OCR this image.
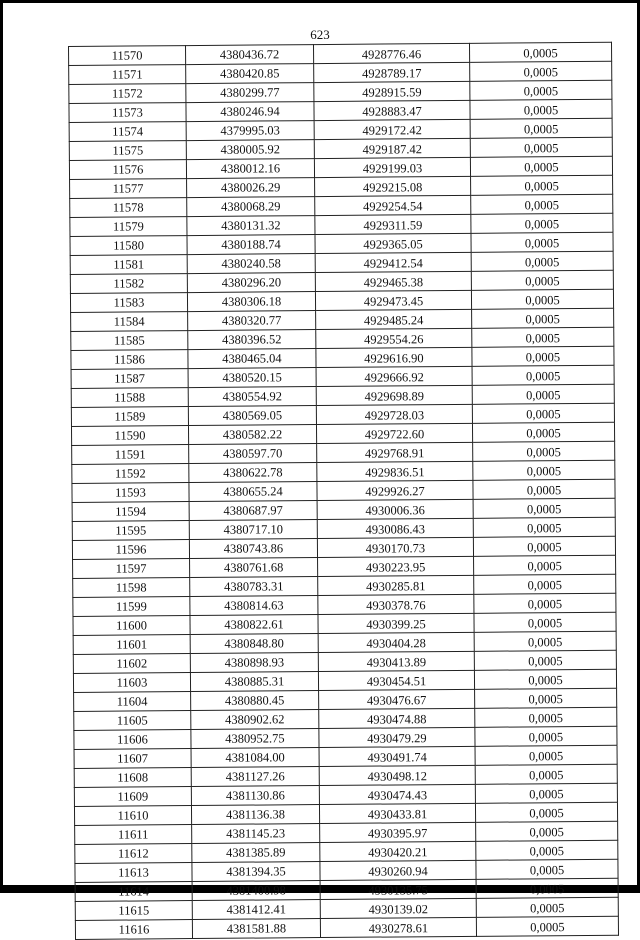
623
11570	4380436.72	4928776.46	0,0005
11571	4380420.85	4928789.17	0,0005
11572	4380299.77	4928915.59	0,0005
11573	4380246.94	4928883.47	0,0005
11574	4379995.03	4929172.42	0,0005
11575	4380005.92	4929187.42	0,0005
11576	4380012.16	4929199.03	0,0005
11577	4380026.29	4929215.08	0,0005
11578	4380068.29	4929254.54	0,0005
11579	4380131.32	4929311.59	0,0005
11580	4380188.74	4929365.05	0,0005
11581	4380240.58	4929412.54	0,0005
11582	4380296.20	4929465.38	0,0005
11583	4380306.18	4929473.45	0,0005
11584	4380320.77	4929485.24	0,0005
11585	4380396.52	4929554.26	0,0005
11586	4380465.04	4929616.90	0,0005
11587	4380520.15	4929666.92	0,0005
11588	4380554.92	4929698.89	0,0005
11589	4380569.05	4929728.03	0,0005
11590	4380582.22	4929722.60	0,0005
11591	4380597.70	4929768.91	0,0005
11592	4380622.78	4929836.51	0,0005
11593	4380655.24	4929926.27	0,0005
11594	4380687.97	4930006.36	0,0005
11595	4380717.10	4930086.43	0,0005
11596	4380743.86	4930170.73	0,0005
11597	4380761.68	4930223.95	0,0005
11598	4380783.31	4930285.81	0,0005
11599	4380814.63	4930378.76	0,0005
11600	4380822.61	4930399.25	0,0005
11601	4380848.80	4930404.28	0,0005
11602	4380898.93	4930413.89	0,0005
11603	4380885.31	4930454.51	0,0005
11604	4380880.45	4930476.67	0,0005
11605	4380902.62	4930474.88	0,0005
11606	4380952.75	4930479.29	0,0005
11607	4381084.00	4930491.74	0,0005
11608	4381127.26	4930498.12	0,0005
11609	4381130.86	4930474.43	0,0005
11610	4381136.38	4930433.81	0,0005
11611	4381145.23	4930395.97	0,0005
11612	4381385.89	4930420.21	0,0005
11613	4381394.35	4930260.94	0,0005
11614	4381400.98	4930135.75	0,0005
11615	4381412.41	4930139.02	0,0005
11616	4381581.88	4930278.61	0,0005
